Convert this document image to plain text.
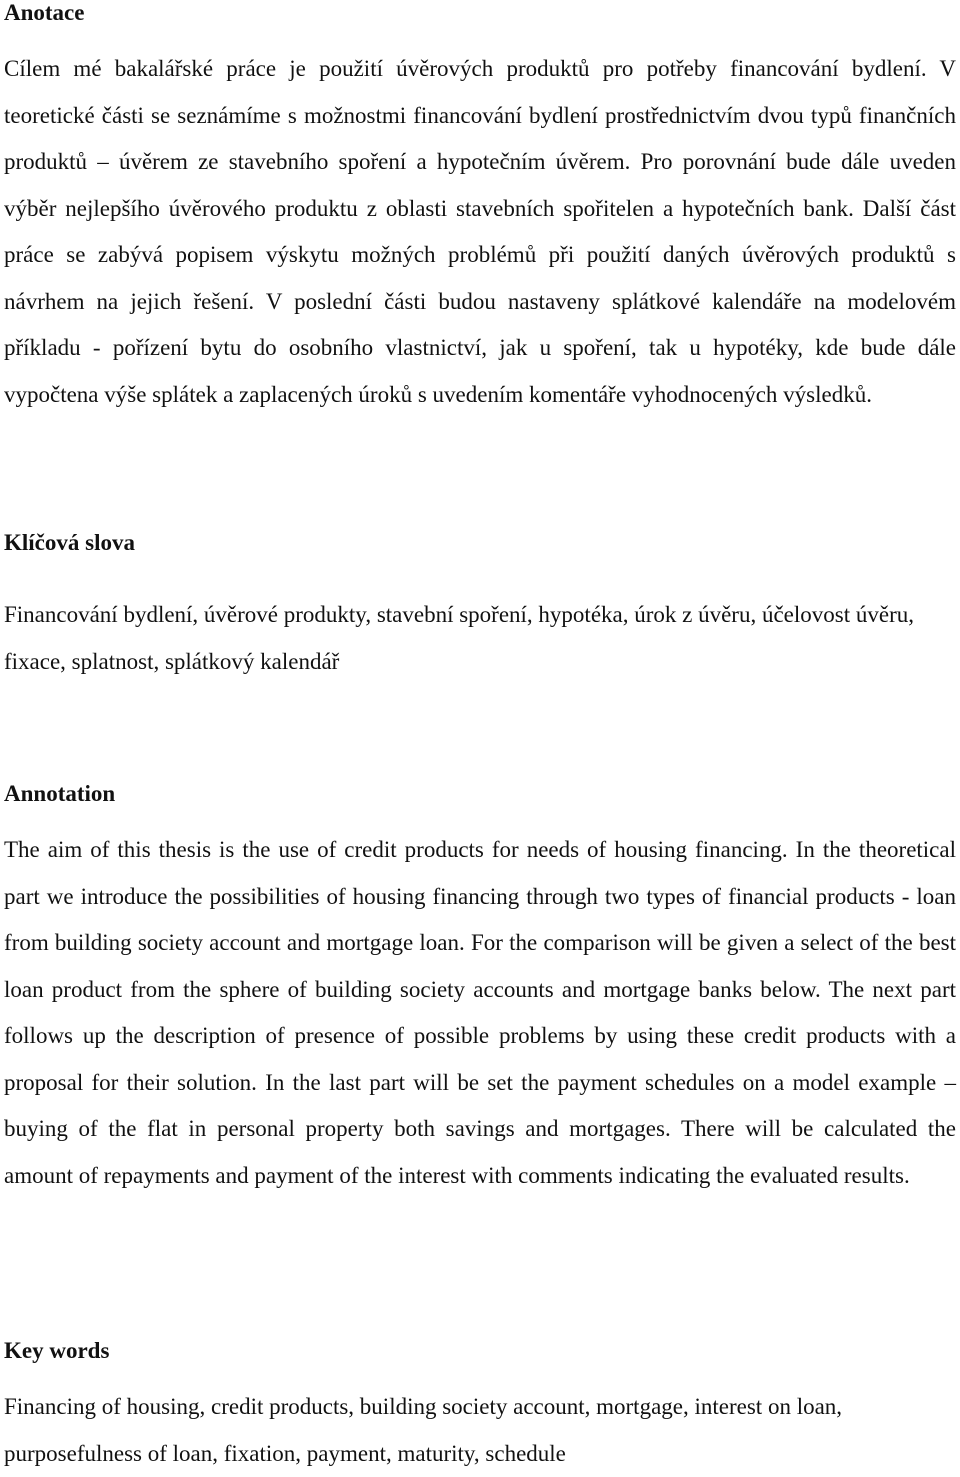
Anotace

Cílem mé bakalářské práce je použití úvěrových produktů pro potřeby financování bydlení. V teoretické části se seznámíme s možnostmi financování bydlení prostřednictvím dvou typů finančních produktů – úvěrem ze stavebního spoření a hypotečním úvěrem. Pro porovnání bude dále uveden výběr nejlepšího úvěrového produktu z oblasti stavebních spořitelen a hypotečních bank. Další část práce se zabývá popisem výskytu možných problémů při použití daných úvěrových produktů s návrhem na jejich řešení. V poslední části budou nastaveny splátkové kalendáře na modelovém příkladu - pořízení bytu do osobního vlastnictví, jak u spoření, tak u hypotéky, kde bude dále vypočtena výše splátek a zaplacených úroků s uvedením komentáře vyhodnocených výsledků.

Klíčová slova

Financování bydlení, úvěrové produkty, stavební spoření, hypotéka, úrok z úvěru, účelovost úvěru, fixace, splatnost, splátkový kalendář

Annotation

The aim of this thesis is the use of credit products for needs of housing financing. In the theoretical part we introduce the possibilities of housing financing through two types of financial products - loan from building society account and mortgage loan. For the comparison will be given a select of the best loan product from the sphere of building society accounts and mortgage banks below. The next part follows up the description of presence of possible problems by using these credit products with a proposal for their solution. In the last part will be set the payment schedules on a model example – buying of the flat in personal property both savings and mortgages. There will be calculated the amount of repayments and payment of the interest with comments indicating the evaluated results.

Key words

Financing of housing, credit products, building society account, mortgage, interest on loan, purposefulness of loan, fixation, payment, maturity, schedule
